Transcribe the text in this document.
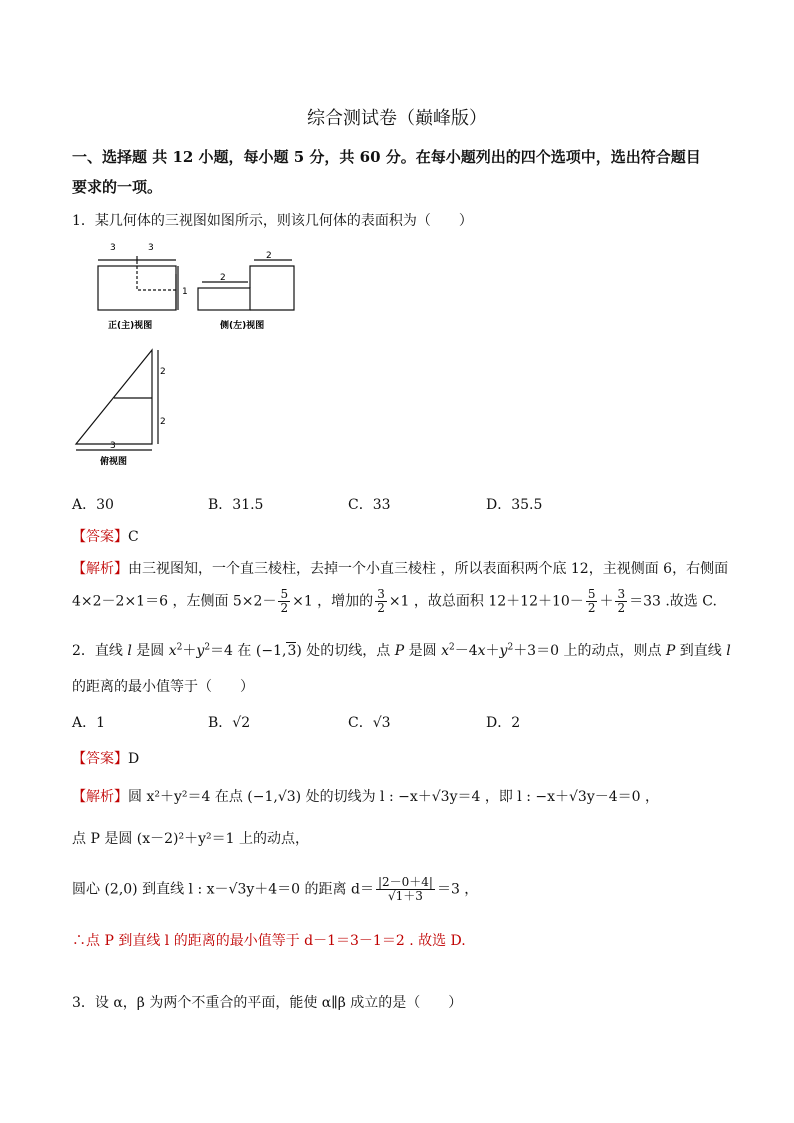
综合测试卷（巅峰版）
一、选择题 共 12 小题，每小题 5 分，共 60 分。在每小题列出的四个选项中，选出符合题目
要求的一项。
1．某几何体的三视图如图所示，则该几何体的表面积为（　　）
3	3
1
2
2
正(主)视图	侧(左)视图
2
2
3
俯视图
A．30	B．31.5	C．33	D．35.5
【答案】C
【解析】由三视图知，一个直三棱柱，去掉一个小直三棱柱 ，所以表面积两个底 12，主视侧面 6，右侧面
4×2－2×1＝6 ，左侧面 $5\times 2- \frac{5}{2} \times 1$ ，增加的 $\frac{3}{2} \times 1$ ，故总面积 $12+12+10- \frac{5}{2} + \frac{3}{2} =33$ .故选 C.
2．直线 l 是圆 $x^2+y^2=4$ 在 (−1,3) 处的切线，点 P 是圆 $x^2-4x+y^2+3=0$ 上的动点，则点 P 到直线 l
的距离的最小值等于（　　）
A．1	B．√2	C．√3	D．2
【答案】D
【解析】圆 x²＋y²＝4 在点 (−1,√3) 处的切线为 l : −x＋√3y＝4 ，即 l : −x＋√3y－4＝0 ，
点 P 是圆 (x－2)²＋y²＝1 上的动点，
圆心 (2,0) 到直线 l : x－√3y＋4＝0 的距离 $d= \frac{|2-0+4|}{√1+3} =3$ ，
∴点 P 到直线 l 的距离的最小值等于 d－1＝3－1＝2 . 故选 D.
3．设 α，β 为两个不重合的平面，能使 α∥β 成立的是（　　）
